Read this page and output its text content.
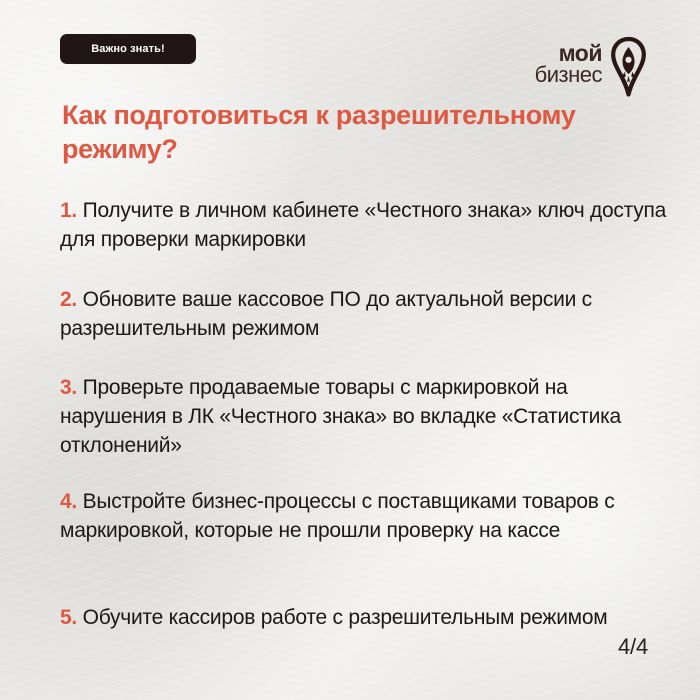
Важно знать!	мой
бизнес
Как подготовиться к разрешительному режиму?

1. Получите в личном кабинете «Честного знака» ключ доступа для проверки маркировки

2. Обновите ваше кассовое ПО до актуальной версии с разрешительным режимом

3. Проверьте продаваемые товары с маркировкой на нарушения в ЛК «Честного знака» во вкладке «Статистика отклонений»

4. Выстройте бизнес-процессы с поставщиками товаров с маркировкой, которые не прошли проверку на кассе

5. Обучите кассиров работе с разрешительным режимом

4/4
